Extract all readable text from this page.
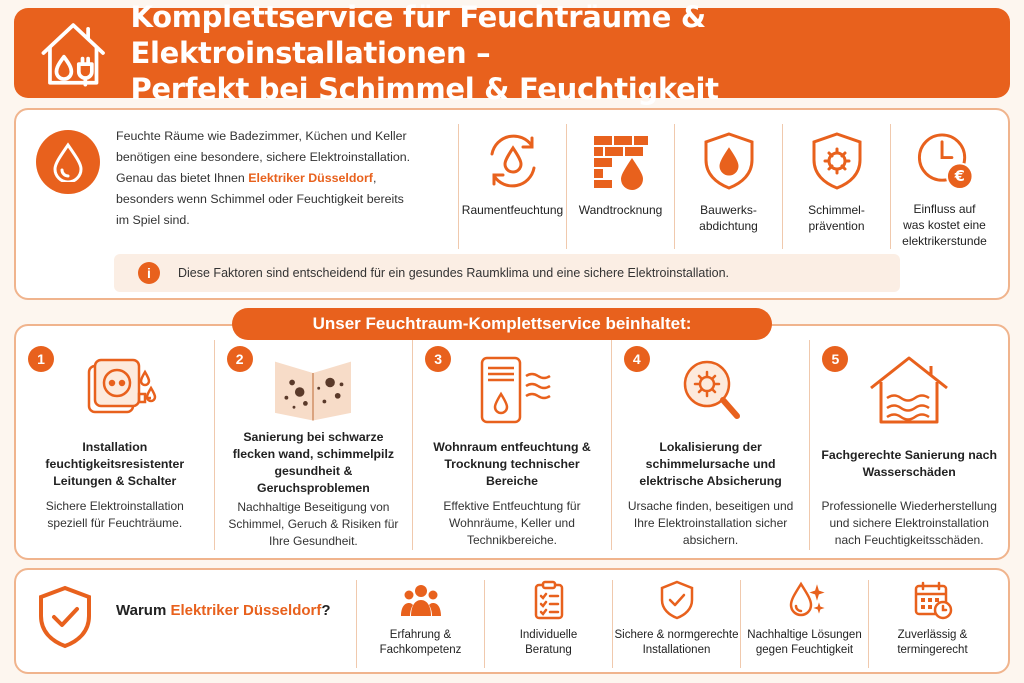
Komplettservice für Feuchträume & Elektroinstallationen –
Perfekt bei Schimmel & Feuchtigkeit

Feuchte Räume wie Badezimmer, Küchen und Keller benötigen eine besondere, sichere Elektroinstallation. Genau das bietet Ihnen Elektriker Düsseldorf, besonders wenn Schimmel oder Feuchtigkeit bereits im Spiel sind.

Raumentfeuchtung Wandtrocknung	Bauwerks-
abdichtung
Schimmel-
prävention
€
Einfluss auf
was kostet eine
elektrikerstunde
i	Diese Faktoren sind entscheidend für ein gesundes Raumklima und eine sichere Elektroinstallation.
Unser Feuchtraum-Komplettservice beinhaltet:
1
Installation feuchtigkeitsresistenter Leitungen & Schalter

Sichere Elektroinstallation speziell für Feuchträume.

2
Sanierung bei schwarze flecken wand, schimmelpilz gesundheit & Geruchsproblemen

Nachhaltige Beseitigung von Schimmel, Geruch & Risiken für Ihre Gesundheit.

3
Wohnraum entfeuchtung & Trocknung technischer Bereiche

Effektive Entfeuchtung für Wohnräume, Keller und Technikbereiche.

4
Lokalisierung der schimmelursache und elektrische Absicherung

Ursache finden, beseitigen und Ihre Elektroinstallation sicher absichern.

5
Fachgerechte Sanierung nach Wasserschäden

Professionelle Wiederherstellung und sichere Elektroinstallation nach Feuchtigkeitsschäden.

Warum Elektriker Düsseldorf?
Erfahrung &
Fachkompetenz
Individuelle
Beratung
Sichere & normgerechte
Installationen
Nachhaltige Lösungen
gegen Feuchtigkeit
Zuverlässig &
termingerecht
